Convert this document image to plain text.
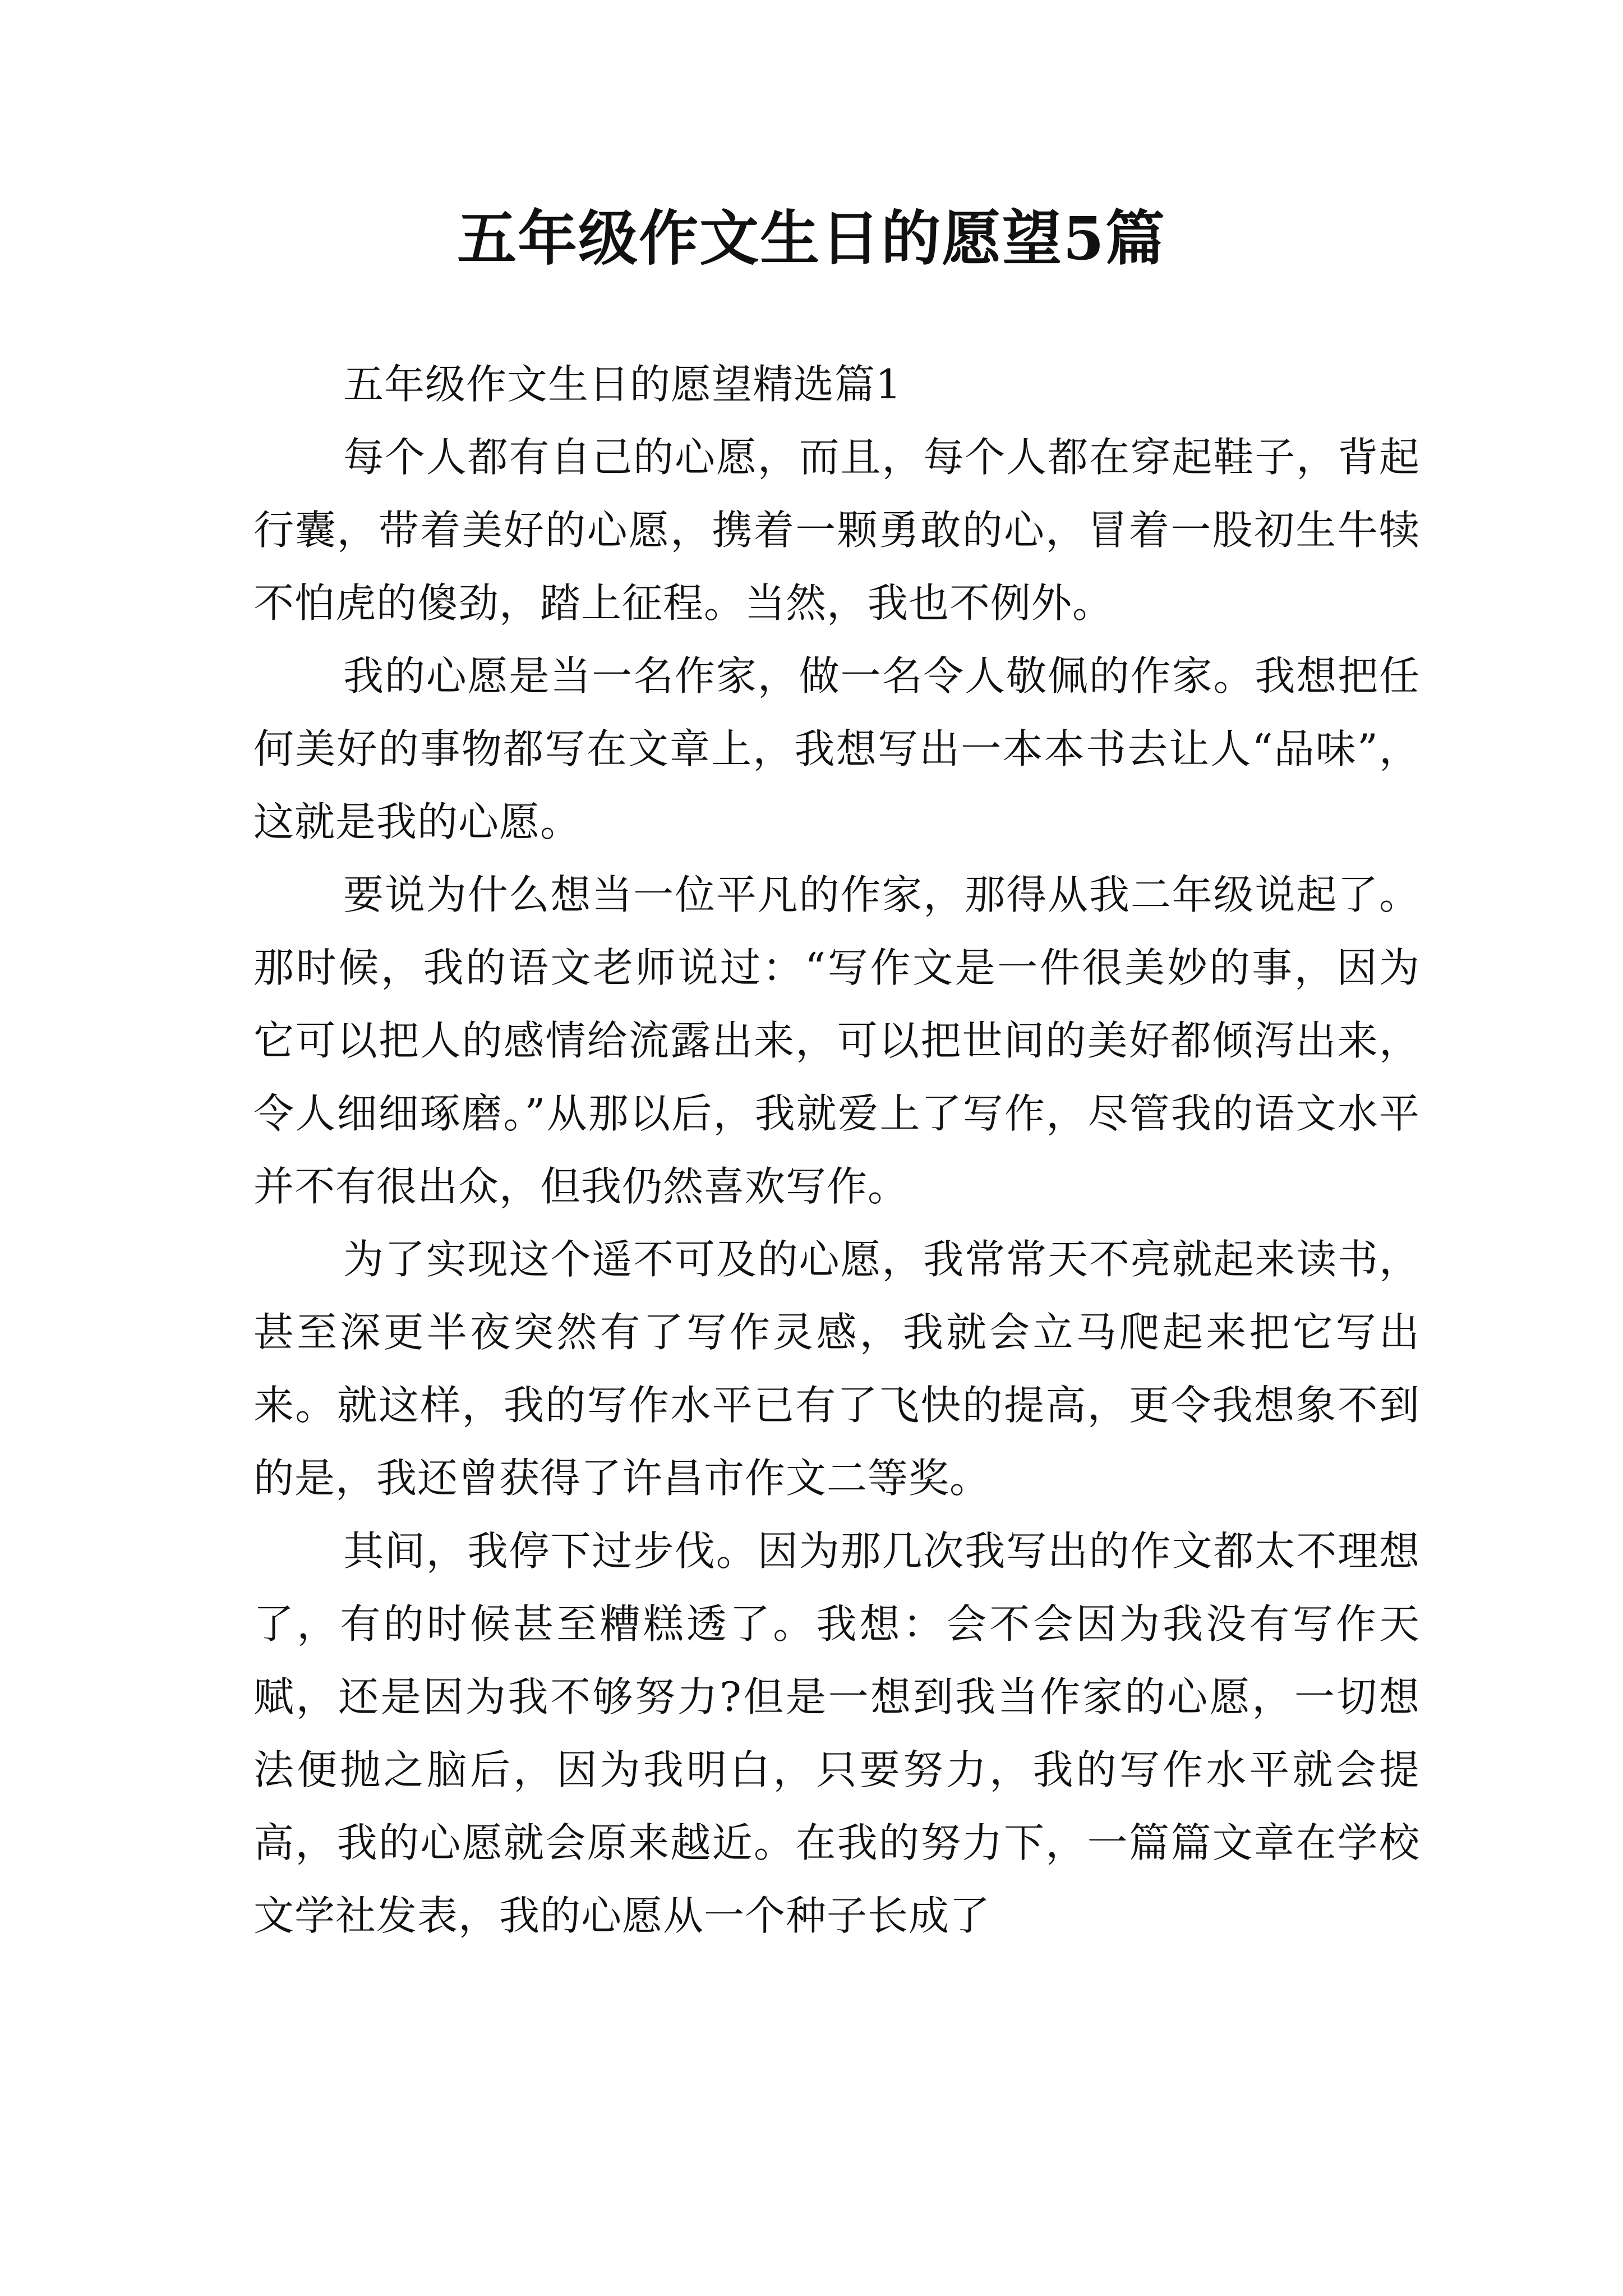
五年级作文生日的愿望5篇

五年级作文生日的愿望精选篇1

每个人都有自己的心愿，而且，每个人都在穿起鞋子，背起行囊，带着美好的心愿，携着一颗勇敢的心，冒着一股初生牛犊不怕虎的傻劲，踏上征程。当然，我也不例外。

我的心愿是当一名作家，做一名令人敬佩的作家。我想把任何美好的事物都写在文章上，我想写出一本本书去让人“品味”，这就是我的心愿。

要说为什么想当一位平凡的作家，那得从我二年级说起了。那时候，我的语文老师说过：“写作文是一件很美妙的事，因为它可以把人的感情给流露出来，可以把世间的美好都倾泻出来，令人细细琢磨。”从那以后，我就爱上了写作，尽管我的语文水平并不有很出众，但我仍然喜欢写作。

为了实现这个遥不可及的心愿，我常常天不亮就起来读书，甚至深更半夜突然有了写作灵感，我就会立马爬起来把它写出来。就这样，我的写作水平已有了飞快的提高，更令我想象不到的是，我还曾获得了许昌市作文二等奖。

其间，我停下过步伐。因为那几次我写出的作文都太不理想了，有的时候甚至糟糕透了。我想：会不会因为我没有写作天赋，还是因为我不够努力?但是一想到我当作家的心愿，一切想法便抛之脑后，因为我明白，只要努力，我的写作水平就会提高，我的心愿就会原来越近。在我的努力下，一篇篇文章在学校文学社发表，我的心愿从一个种子长成了
